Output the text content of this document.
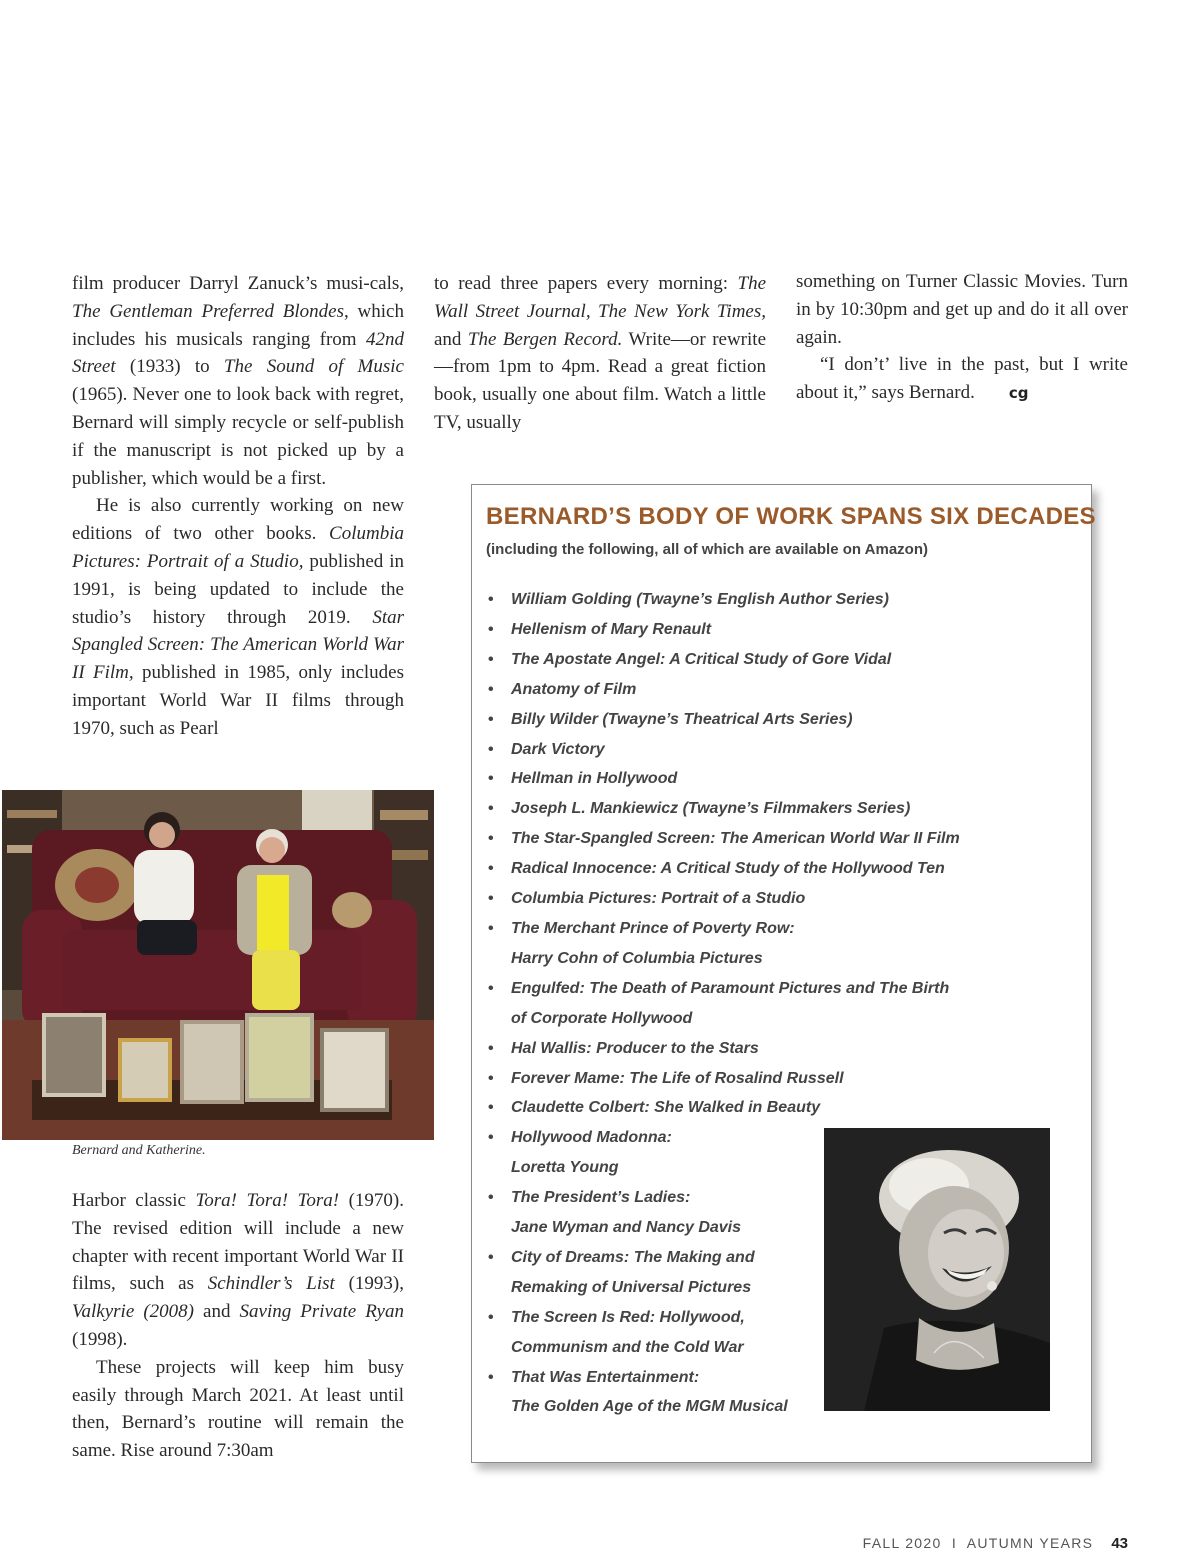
film producer Darryl Zanuck’s musi-cals, The Gentleman Preferred Blondes, which includes his musicals ranging from 42nd Street (1933) to The Sound of Music (1965). Never one to look back with regret, Bernard will simply recycle or self-publish if the manuscript is not picked up by a publisher, which would be a first.

He is also currently working on new editions of two other books. Columbia Pictures: Portrait of a Studio, published in 1991, is being updated to include the studio’s history through 2019. Star Spangled Screen: The American World War II Film, published in 1985, only includes important World War II films through 1970, such as Pearl

Bernard and Katherine.

Harbor classic Tora! Tora! Tora! (1970). The revised edition will include a new chapter with recent important World War II films, such as Schindler’s List (1993), Valkyrie (2008) and Saving Private Ryan (1998).

These projects will keep him busy easily through March 2021. At least until then, Bernard’s routine will remain the same. Rise around 7:30am

to read three papers every morning: The Wall Street Journal, The New York Times, and The Bergen Record. Write—or rewrite—from 1pm to 4pm. Read a great fiction book, usually one about film. Watch a little TV, usually

something on Turner Classic Movies. Turn in by 10:30pm and get up and do it all over again.

“I don’t’ live in the past, but I write about it,” says Bernard. cg

BERNARD’S BODY OF WORK SPANS SIX DECADES
(including the following, all of which are available on Amazon)
• William Golding (Twayne’s English Author Series)
• Hellenism of Mary Renault
• The Apostate Angel: A Critical Study of Gore Vidal
• Anatomy of Film
• Billy Wilder (Twayne’s Theatrical Arts Series)
• Dark Victory
• Hellman in Hollywood
• Joseph L. Mankiewicz (Twayne’s Filmmakers Series)
• The Star-Spangled Screen: The American World War II Film
• Radical Innocence: A Critical Study of the Hollywood Ten
• Columbia Pictures: Portrait of a Studio
• The Merchant Prince of Poverty Row:
Harry Cohn of Columbia Pictures
• Engulfed: The Death of Paramount Pictures and The Birth
of Corporate Hollywood
• Hal Wallis: Producer to the Stars
• Forever Mame: The Life of Rosalind Russell
• Claudette Colbert: She Walked in Beauty
• Hollywood Madonna:
Loretta Young
• The President’s Ladies:
Jane Wyman and Nancy Davis
• City of Dreams: The Making and
Remaking of Universal Pictures
• The Screen Is Red: Hollywood,
Communism and the Cold War
• That Was Entertainment:
The Golden Age of the MGM Musical
FALL 2020  I  AUTUMN YEARS 43
